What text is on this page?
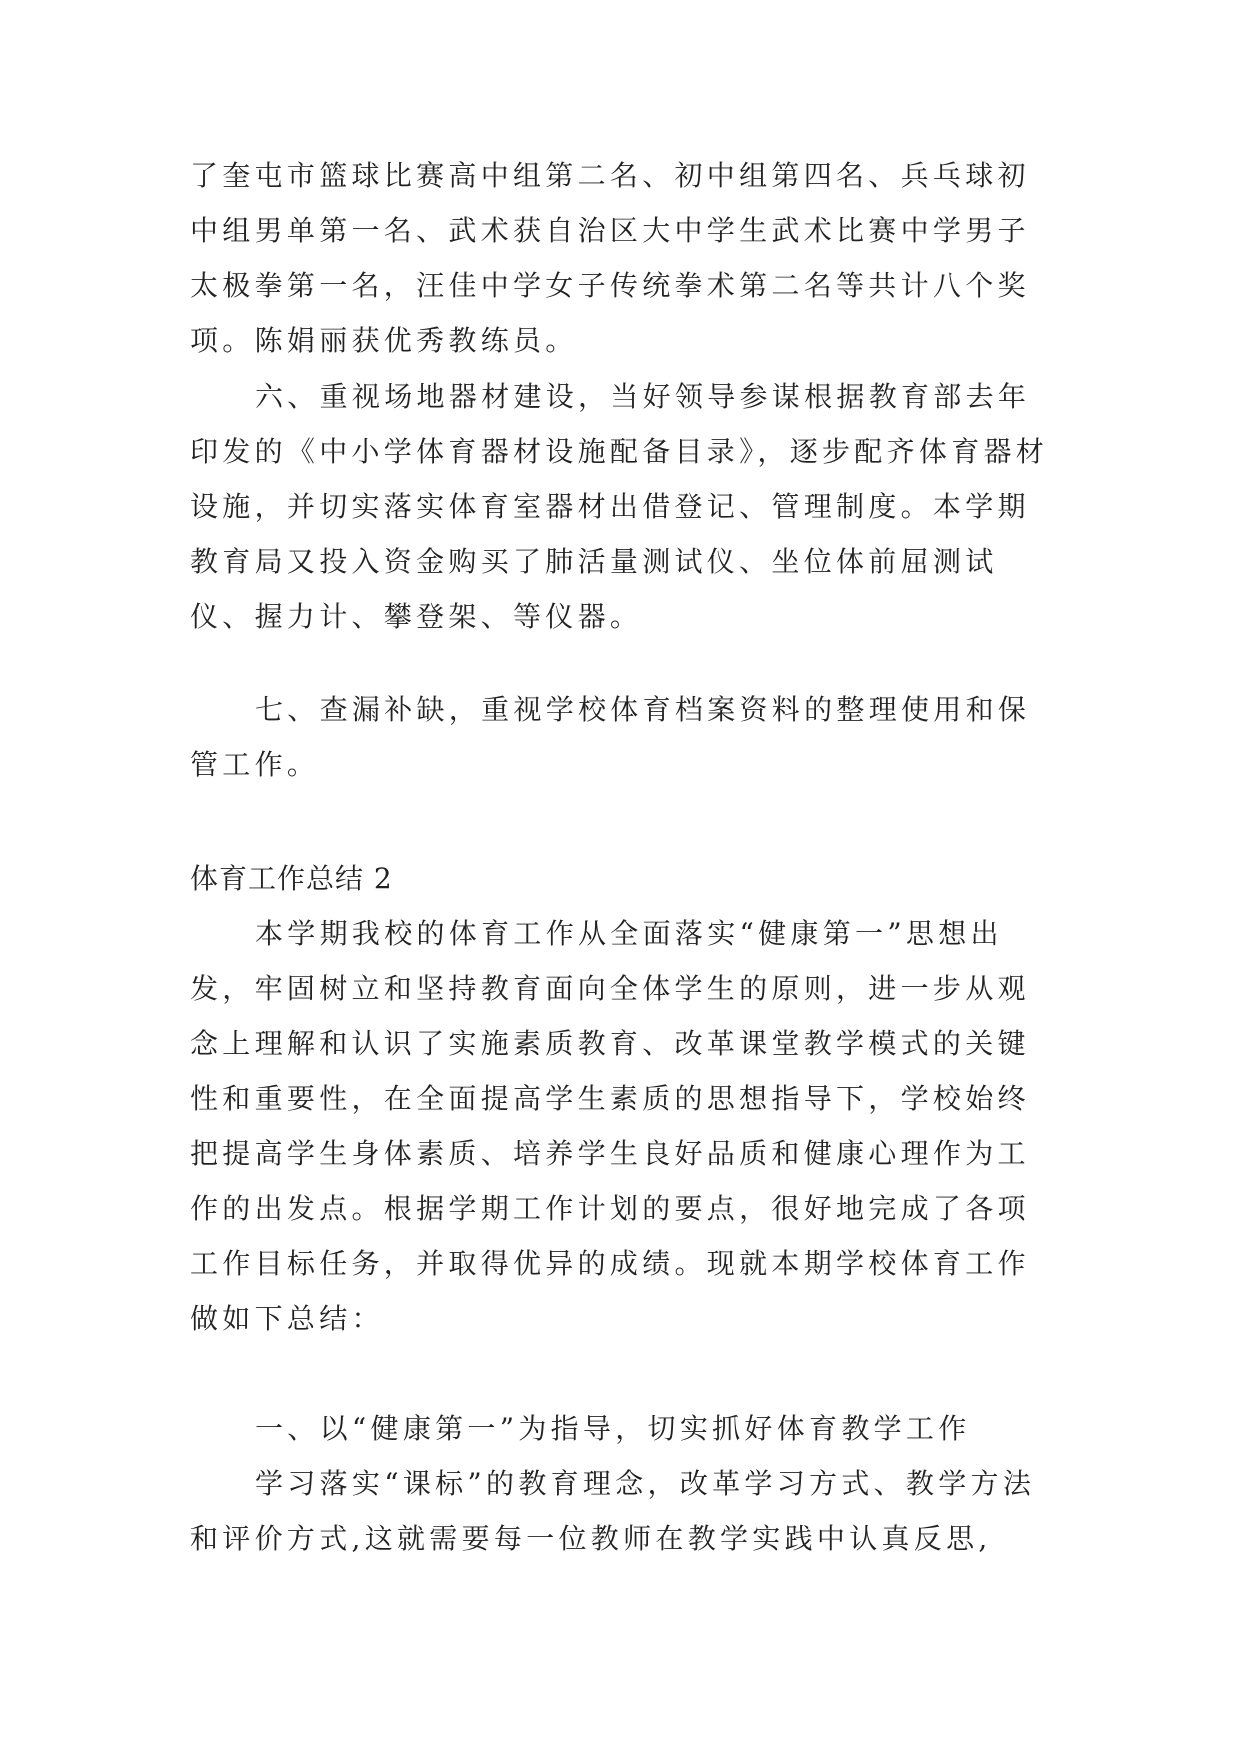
了奎屯市篮球比赛高中组第二名、初中组第四名、兵乓球初中组男单第一名、武术获自治区大中学生武术比赛中学男子太极拳第一名，汪佳中学女子传统拳术第二名等共计八个奖项。陈娟丽获优秀教练员。
六、重视场地器材建设，当好领导参谋根据教育部去年印发的《中小学体育器材设施配备目录》，逐步配齐体育器材设施，并切实落实体育室器材出借登记、管理制度。本学期教育局又投入资金购买了肺活量测试仪、坐位体前屈测试仪、握力计、攀登架、等仪器。
七、查漏补缺，重视学校体育档案资料的整理使用和保管工作。
体育工作总结 2
本学期我校的体育工作从全面落实“健康第一”思想出发，牢固树立和坚持教育面向全体学生的原则，进一步从观念上理解和认识了实施素质教育、改革课堂教学模式的关键性和重要性，在全面提高学生素质的思想指导下，学校始终把提高学生身体素质、培养学生良好品质和健康心理作为工作的出发点。根据学期工作计划的要点，很好地完成了各项工作目标任务，并取得优异的成绩。现就本期学校体育工作做如下总结：
一、以“健康第一”为指导，切实抓好体育教学工作
学习落实“课标”的教育理念，改革学习方式、教学方法和评价方式,这就需要每一位教师在教学实践中认真反思,
